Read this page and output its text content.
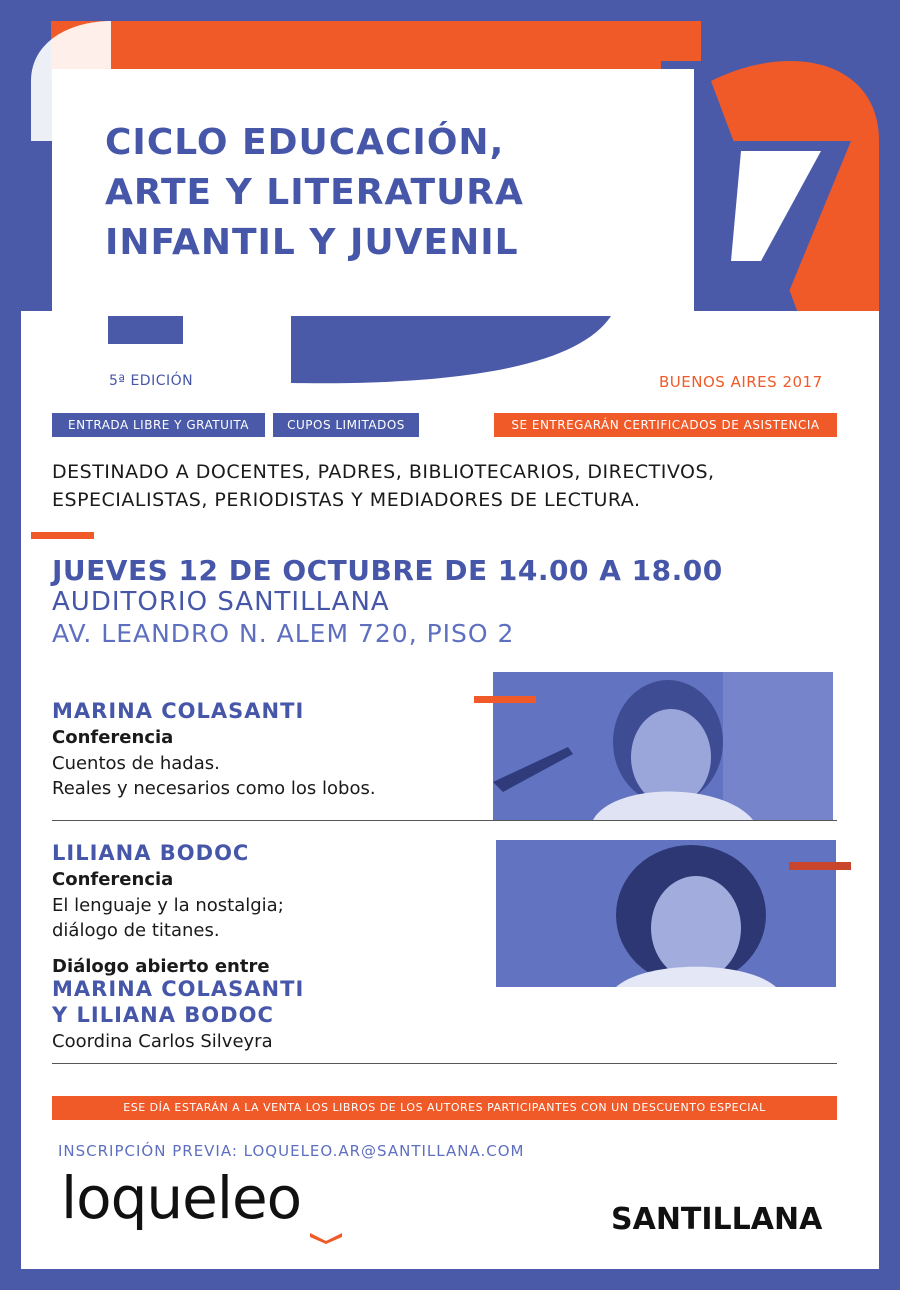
CICLO EDUCACIÓN,
ARTE Y LITERATURA
INFANTIL Y JUVENIL
5ª EDICIÓN	BUENOS AIRES 2017
ENTRADA LIBRE Y GRATUITA	CUPOS LIMITADOS	SE ENTREGARÁN CERTIFICADOS DE ASISTENCIA
DESTINADO A DOCENTES, PADRES, BIBLIOTECARIOS, DIRECTIVOS,
ESPECIALISTAS, PERIODISTAS Y MEDIADORES DE LECTURA.
JUEVES 12 DE OCTUBRE DE 14.00 A 18.00
AUDITORIO SANTILLANA
AV. LEANDRO N. ALEM 720, PISO 2
MARINA COLASANTI
Conferencia
Cuentos de hadas.
Reales y necesarios como los lobos.
LILIANA BODOC
Conferencia
El lenguaje y la nostalgia;
diálogo de titanes.
Diálogo abierto entre
MARINA COLASANTI
Y LILIANA BODOC
Coordina Carlos Silveyra
ESE DÍA ESTARÁN A LA VENTA LOS LIBROS DE LOS AUTORES PARTICIPANTES CON UN DESCUENTO ESPECIAL
INSCRIPCIÓN PREVIA: LOQUELEO.AR@SANTILLANA.COM
loqueleo	SANTILLANA
